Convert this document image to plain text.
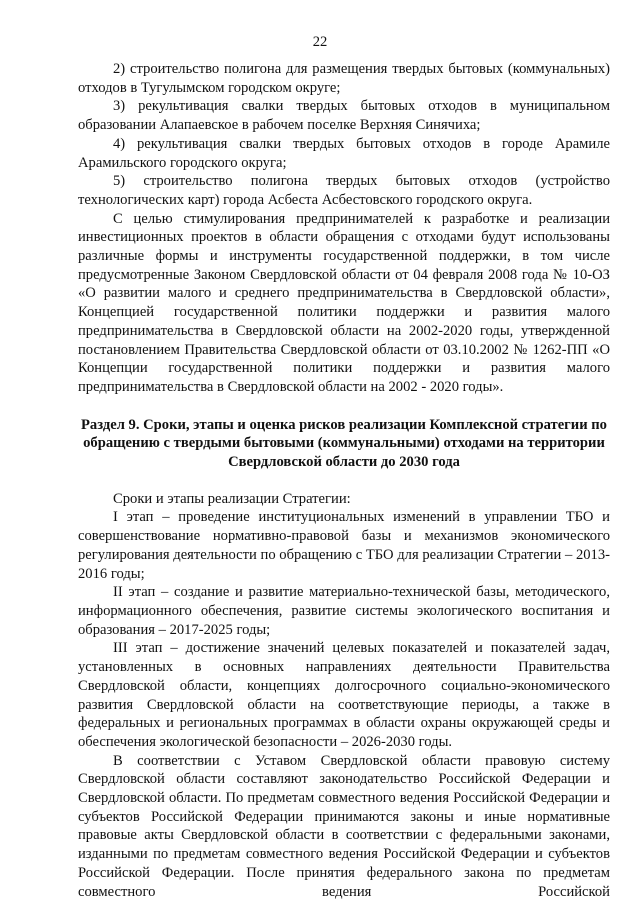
22

2) строительство полигона для размещения твердых бытовых (коммунальных) отходов в Тугулымском городском округе;

3) рекультивация свалки твердых бытовых отходов в муниципальном образовании Алапаевское в рабочем поселке Верхняя Синячиха;

4) рекультивация свалки твердых бытовых отходов в городе Арамиле Арамильского городского округа;

5) строительство полигона твердых бытовых отходов (устройство технологических карт) города Асбеста Асбестовского городского округа.

С целью стимулирования предпринимателей к разработке и реализации инвестиционных проектов в области обращения с отходами будут использованы различные формы и инструменты государственной поддержки, в том числе предусмотренные Законом Свердловской области от 04 февраля 2008 года № 10-ОЗ «О развитии малого и среднего предпринимательства в Свердловской области», Концепцией государственной политики поддержки и развития малого предпринимательства в Свердловской области на 2002-2020 годы, утвержденной постановлением Правительства Свердловской области от 03.10.2002 № 1262-ПП «О Концепции государственной политики поддержки и развития малого предпринимательства в Свердловской области на 2002 - 2020 годы».

Раздел 9. Сроки, этапы и оценка рисков реализации Комплексной стратегии по обращению с твердыми бытовыми (коммунальными) отходами на территории Свердловской области до 2030 года

Сроки и этапы реализации Стратегии:

I этап – проведение институциональных изменений в управлении ТБО и совершенствование нормативно-правовой базы и механизмов экономического регулирования деятельности по обращению с ТБО для реализации Стратегии – 2013-2016 годы;

II этап – создание и развитие материально-технической базы, методического, информационного обеспечения, развитие системы экологического воспитания и образования – 2017-2025 годы;

III этап – достижение значений целевых показателей и показателей задач, установленных в основных направлениях деятельности Правительства Свердловской области, концепциях долгосрочного социально-экономического развития Свердловской области на соответствующие периоды, а также в федеральных и региональных программах в области охраны окружающей среды и обеспечения экологической безопасности – 2026-2030 годы.

В соответствии с Уставом Свердловской области правовую систему Свердловской области составляют законодательство Российской Федерации и Свердловской области. По предметам совместного ведения Российской Федерации и субъектов Российской Федерации принимаются законы и иные нормативные правовые акты Свердловской области в соответствии с федеральными законами, изданными по предметам совместного ведения Российской Федерации и субъектов Российской Федерации. После принятия федерального закона по предметам совместного ведения Российской
